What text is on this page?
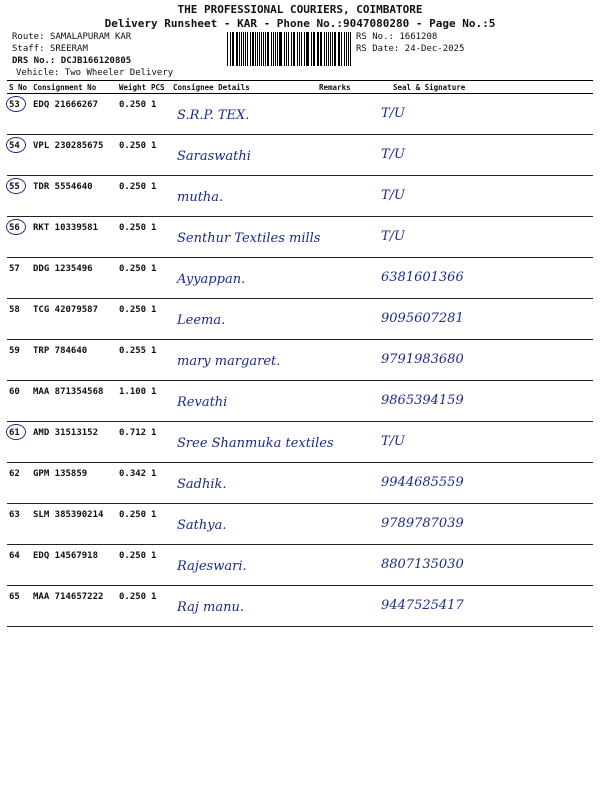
THE PROFESSIONAL COURIERS, COIMBATORE
Delivery Runsheet - KAR - Phone No.:9047080280 - Page No.:5
Route: SAMALAPURAM KAR
Staff: SREERAM
DRS No.: DCJB166120805
Vehicle: Two Wheeler Delivery
RS No.: 1661208
RS Date: 24-Dec-2025
S No	Consignment No	Weight	PCS	Consignee Details	Remarks	Seal & Signature
53	EDQ 21666267	0.250	1	S.R.P. TEX.		T/U
54	VPL 230285675	0.250	1	Saraswathi		T/U
55	TDR 5554640	0.250	1	mutha.		T/U
56	RKT 10339581	0.250	1	Senthur Textiles mills		T/U
57	DDG 1235496	0.250	1	Ayyappan.		6381601366
58	TCG 42079587	0.250	1	Leema.		9095607281
59	TRP 784640	0.255	1	mary margaret.		9791983680
60	MAA 871354568	1.100	1	Revathi		9865394159
61	AMD 31513152	0.712	1	Sree Shanmuka textiles		T/U
62	GPM 135859	0.342	1	Sadhik.		9944685559
63	SLM 385390214	0.250	1	Sathya.		9789787039
64	EDQ 14567918	0.250	1	Rajeswari.		8807135030
65	MAA 714657222	0.250	1	Raj manu.		9447525417
